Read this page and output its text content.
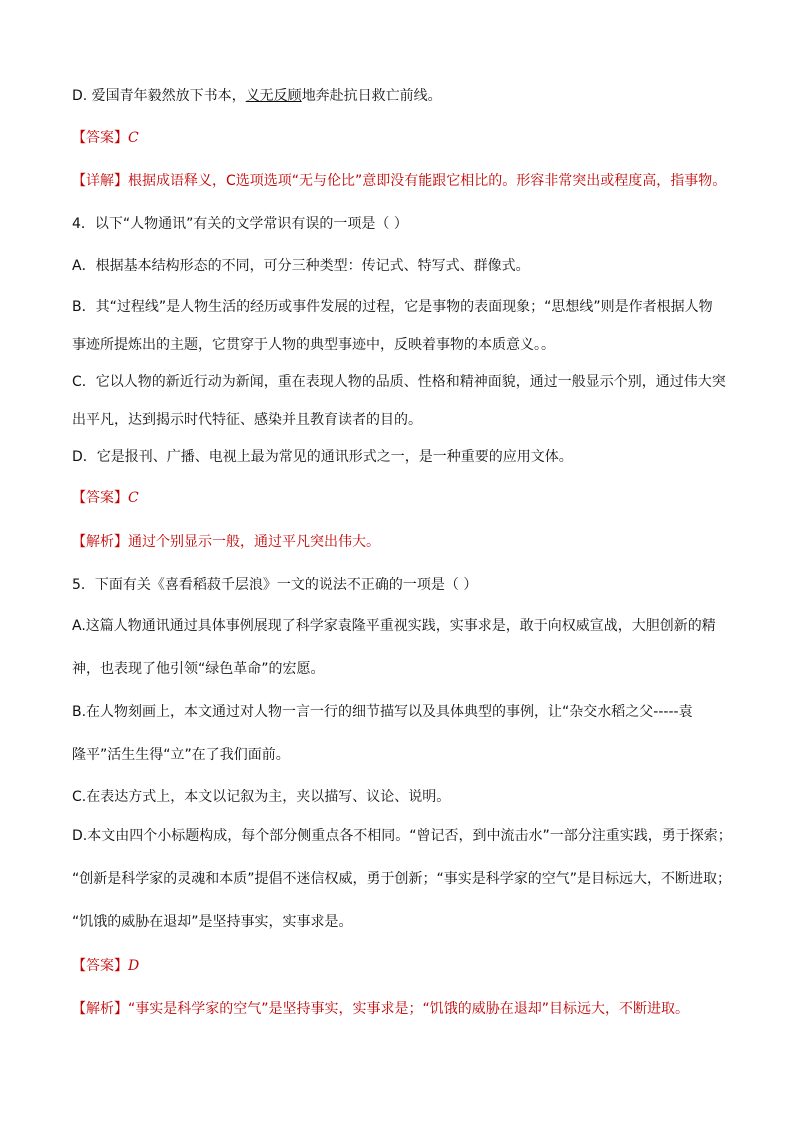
D. 爱国青年毅然放下书本，义无反顾地奔赴抗日救亡前线。
【答案】C
【详解】根据成语释义，C选项选项“无与伦比”意即没有能跟它相比的。形容非常突出或程度高，指事物。
4．以下“人物通讯”有关的文学常识有误的一项是（ ）
A．根据基本结构形态的不同，可分三种类型：传记式、特写式、群像式。
B．其“过程线”是人物生活的经历或事件发展的过程，它是事物的表面现象；“思想线”则是作者根据人物
事迹所提炼出的主题，它贯穿于人物的典型事迹中，反映着事物的本质意义。。
C．它以人物的新近行动为新闻，重在表现人物的品质、性格和精神面貌，通过一般显示个别，通过伟大突
出平凡，达到揭示时代特征、感染并且教育读者的目的。
D．它是报刊、广播、电视上最为常见的通讯形式之一，是一种重要的应用文体。
【答案】C
【解析】通过个别显示一般，通过平凡突出伟大。
5．下面有关《喜看稻菽千层浪》一文的说法不正确的一项是（ ）
A.这篇人物通讯通过具体事例展现了科学家袁隆平重视实践，实事求是，敢于向权威宣战，大胆创新的精
神，也表现了他引领“绿色革命”的宏愿。
B.在人物刻画上，本文通过对人物一言一行的细节描写以及具体典型的事例，让“杂交水稻之父-----袁
隆平”活生生得“立”在了我们面前。
C.在表达方式上，本文以记叙为主，夹以描写、议论、说明。
D.本文由四个小标题构成，每个部分侧重点各不相同。“曾记否，到中流击水”一部分注重实践，勇于探索；
“创新是科学家的灵魂和本质”提倡不迷信权威，勇于创新；“事实是科学家的空气”是目标远大，不断进取；
“饥饿的威胁在退却”是坚持事实，实事求是。
【答案】D
【解析】“事实是科学家的空气”是坚持事实，实事求是；“饥饿的威胁在退却”目标远大，不断进取。
